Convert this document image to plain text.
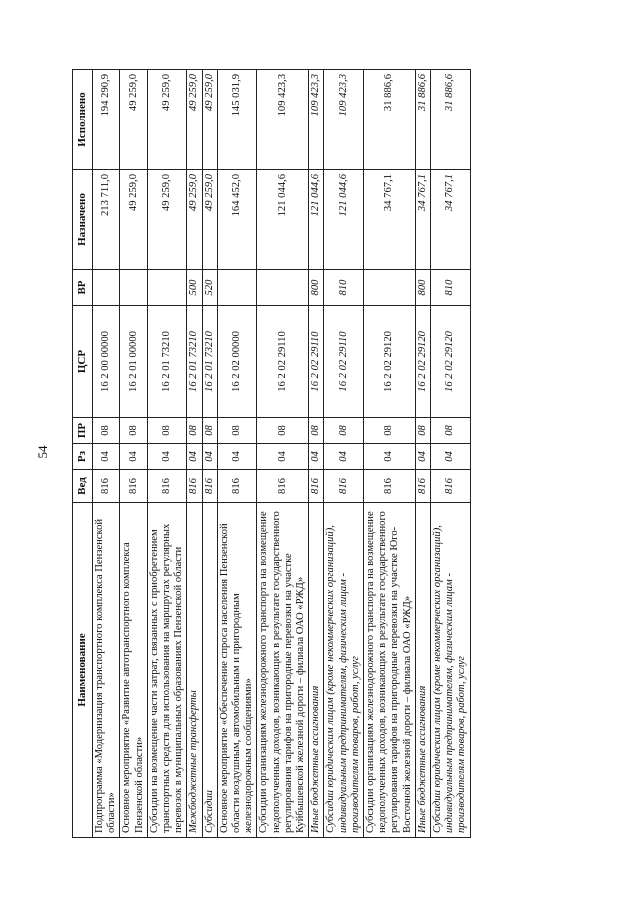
54
Наименование	Вед	Рз	ПР	ЦСР	ВР	Назначено	Исполнено
Подпрограмма «Модернизация транспортного комплекса Пензенской области»	816	04	08	16 2 00 00000		213 711,0	194 290,9
Основное мероприятие «Развитие автотранспортного комплекса Пензенской области»	816	04	08	16 2 01 00000		49 259,0	49 259,0
Субсидии на возмещение части затрат, связанных с приобретением транспортных средств для использования на маршрутах регулярных перевозок в муниципальных образованиях Пензенской области	816	04	08	16 2 01 73210		49 259,0	49 259,0
Межбюджетные трансферты	816	04	08	16 2 01 73210	500	49 259,0	49 259,0
Субсидии	816	04	08	16 2 01 73210	520	49 259,0	49 259,0
Основное мероприятие «Обеспечение спроса населения Пензенской области воздушным, автомобильным и пригородным железнодорожным сообщениями»	816	04	08	16 2 02 00000		164 452,0	145 031,9
Субсидии организациям железнодорожного транспорта на возмещение недополученных доходов, возникающих в результате государственного регулирования тарифов на пригородные перевозки на участке Куйбышевской железной дороги – филиала ОАО «РЖД»	816	04	08	16 2 02 29110		121 044,6	109 423,3
Иные бюджетные ассигнования	816	04	08	16 2 02 29110	800	121 044,6	109 423,3
Субсидии юридическим лицам (кроме некоммерческих организаций), индивидуальным предпринимателям, физическим лицам - производителям товаров, работ, услуг	816	04	08	16 2 02 29110	810	121 044,6	109 423,3
Субсидии организациям железнодорожного транспорта на возмещение недополученных доходов, возникающих в результате государственного регулирования тарифов на пригородные перевозки на участке Юго-Восточной железной дороги – филиала ОАО «РЖД»	816	04	08	16 2 02 29120		34 767,1	31 886,6
Иные бюджетные ассигнования	816	04	08	16 2 02 29120	800	34 767,1	31 886,6
Субсидии юридическим лицам (кроме некоммерческих организаций), индивидуальным предпринимателям, физическим лицам - производителям товаров, работ, услуг	816	04	08	16 2 02 29120	810	34 767,1	31 886,6
